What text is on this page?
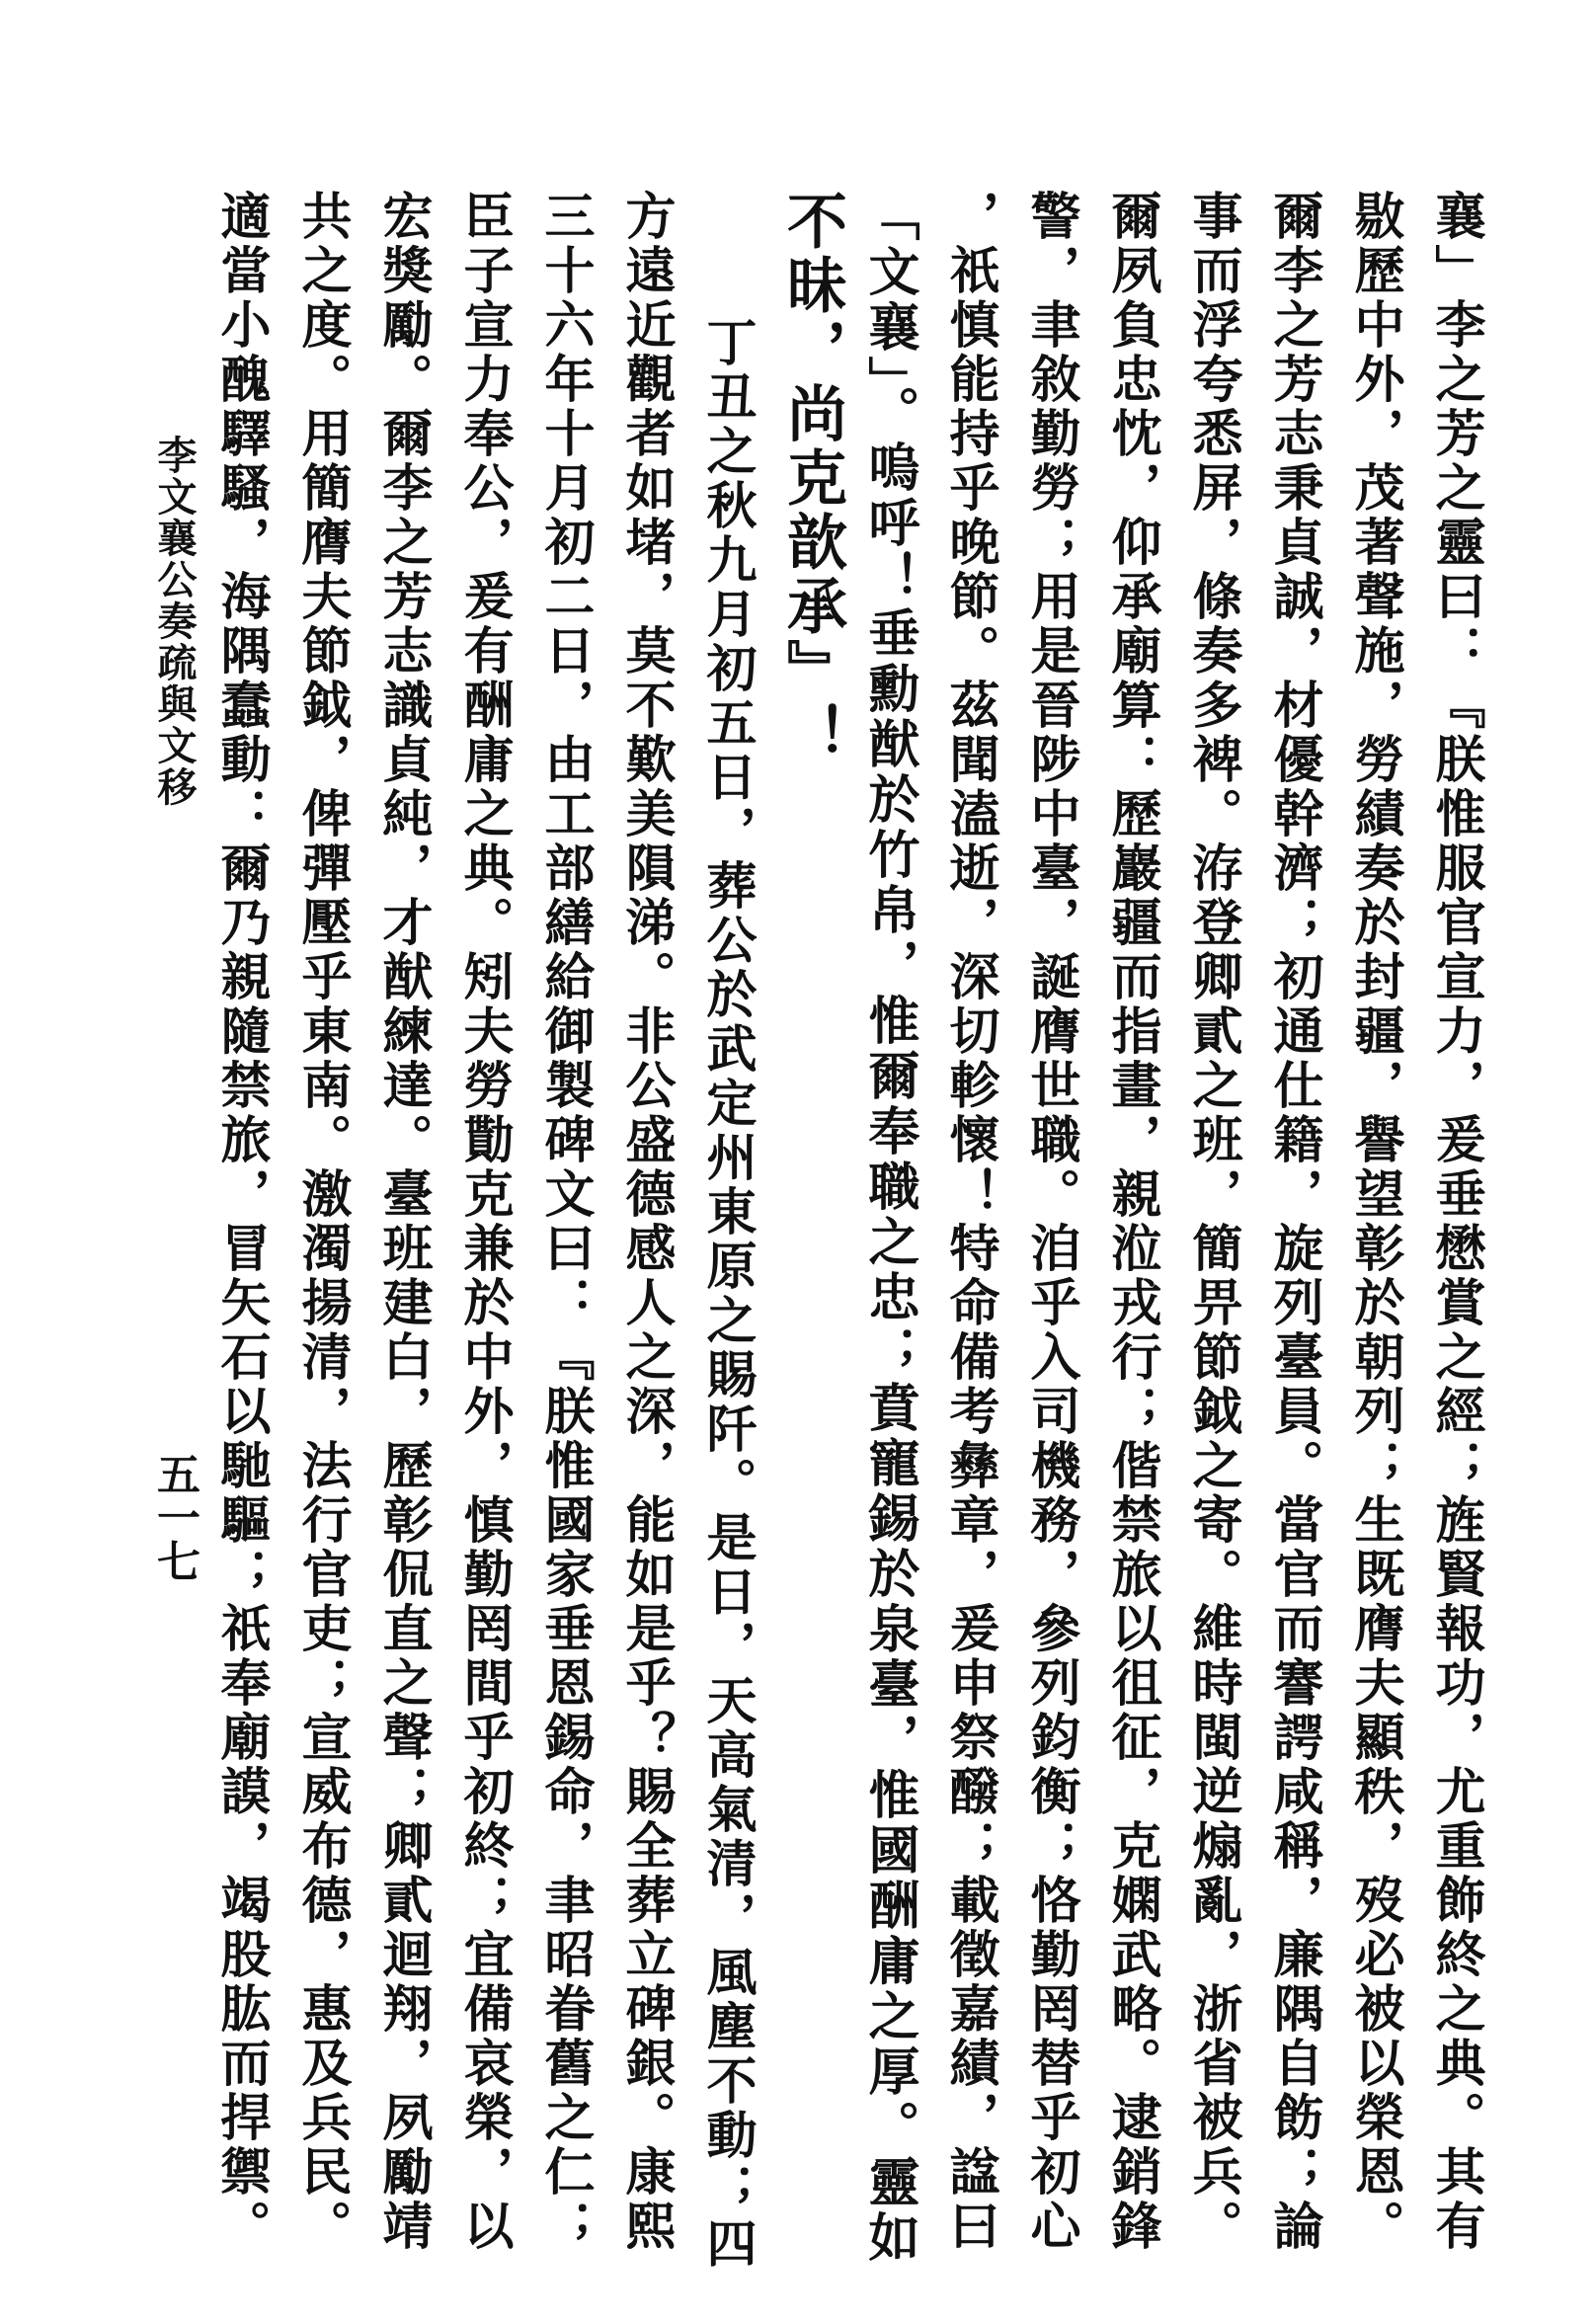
五一七
李文襄公奏疏與文移	襄」李之芳之靈曰：『朕惟服官宣力，爰垂懋賞之經；旌賢報功，尤重飾終之典。其有
敭歷中外，茂著聲施，勞績奏於封疆，譽望彰於朝列；生既膺夫顯秩，歿必被以榮恩。
爾李之芳志秉貞誠，材優幹濟；初通仕籍，旋列臺員。當官而謇諤咸稱，廉隅自飭；論
事而浮夸悉屏，條奏多裨。洊登卿貳之班，簡畀節鉞之寄。維時閩逆煽亂，浙省被兵。
爾夙負忠忱，仰承廟算：歷巖疆而指畫，親涖戎行；偕禁旅以徂征，克嫻武略。逮銷鋒
警，聿敘勤勞；用是晉陟中臺，誕膺世職。洎乎入司機務，參列鈞衡；恪勤罔替乎初心
，祇慎能持乎晚節。茲聞溘逝，深切軫懷！特命備考彝章，爰申祭醱；載徵嘉績，諡曰
「文襄」。嗚呼！垂勳猷於竹帛，惟爾奉職之忠；賁寵錫於泉臺，惟國酬庸之厚。靈如
不昧，尚克歆承』！
丁丑之秋九月初五日，葬公於武定州東原之賜阡。是日，天高氣清，風塵不動；四
方遠近觀者如堵，莫不歎美隕涕。非公盛德感人之深，能如是乎？賜全葬立碑銀。康熙
三十六年十月初二日，由工部繕給御製碑文曰：『朕惟國家垂恩錫命，聿昭眷舊之仁；
臣子宣力奉公，爰有酬庸之典。矧夫勞勩克兼於中外，慎勤罔間乎初終；宜備哀榮，以
宏獎勵。爾李之芳志識貞純，才猷練達。臺班建白，歷彰侃直之聲；卿貳迴翔，夙勵靖
共之度。用簡膺夫節鉞，俾彈壓乎東南。激濁揚清，法行官吏；宣威布德，惠及兵民。
適當小醜驛騷，海隅蠢動：爾乃親隨禁旅，冒矢石以馳驅；祇奉廟謨，竭股肱而捍禦。
